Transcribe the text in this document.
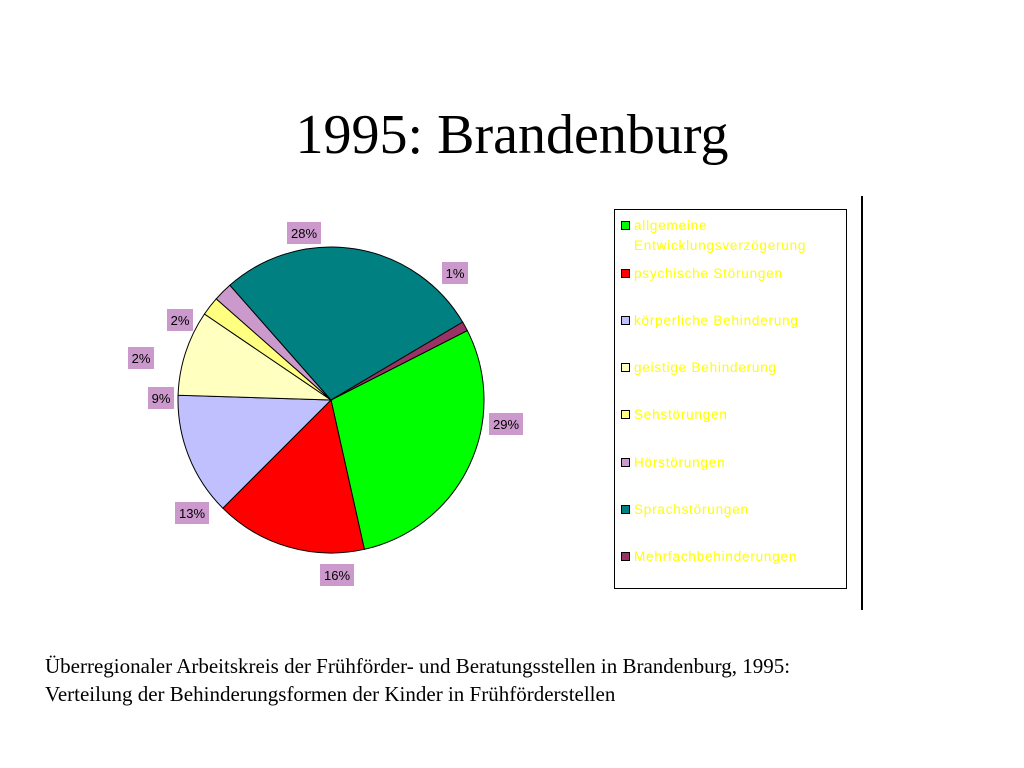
1995: Brandenburg
29%
16%
13%
9%
2%
2%
28%
1%
allgemeine
Entwicklungsverzögerung
psychische Störungen
körperliche Behinderung
geistige Behinderung
Sehstörungen
Hörstörungen
Sprachstörungen
Mehrfachbehinderungen
Überregionaler Arbeitskreis der Frühförder- und Beratungsstellen in Brandenburg, 1995:
Verteilung der Behinderungsformen der Kinder in Frühförderstellen
